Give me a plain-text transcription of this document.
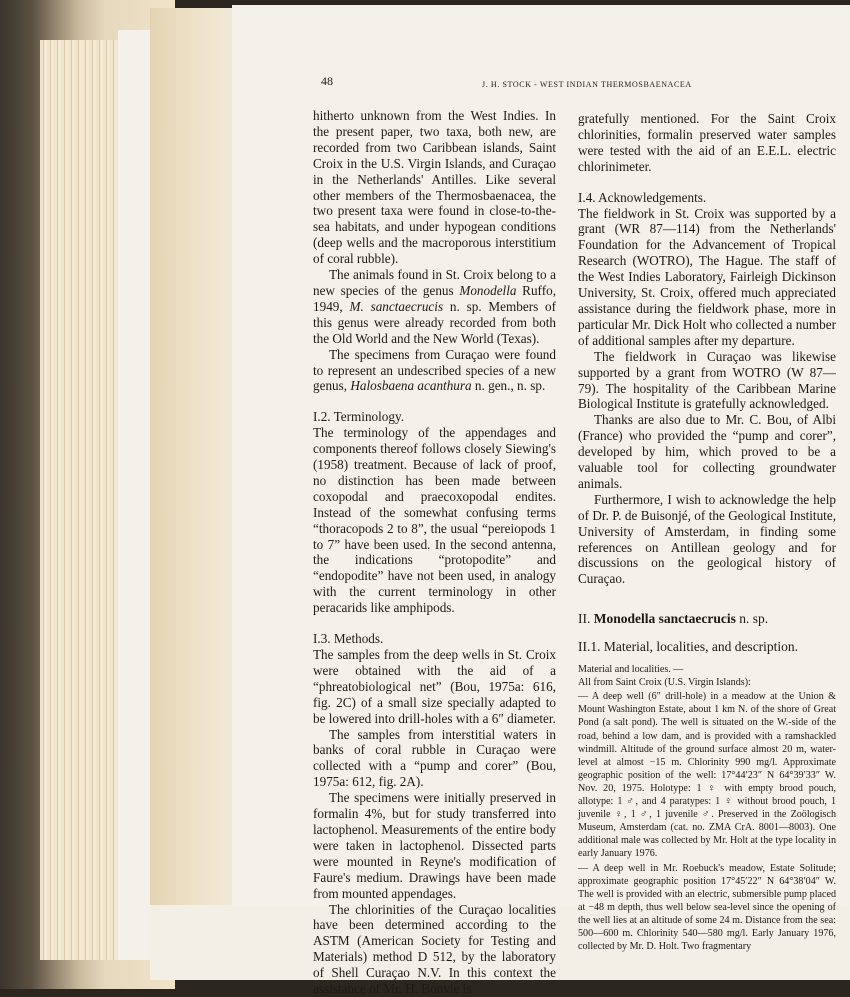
48	J. H. STOCK - WEST INDIAN THERMOSBAENACEA

hitherto unknown from the West Indies. In the present paper, two taxa, both new, are recorded from two Caribbean islands, Saint Croix in the U.S. Virgin Islands, and Curaçao in the Netherlands' Antilles. Like several other members of the Thermosbaenacea, the two present taxa were found in close-to-the-sea habitats, and under hypogean conditions (deep wells and the macroporous interstitium of coral rubble).

The animals found in St. Croix belong to a new species of the genus Monodella Ruffo, 1949, M. sanctaecrucis n. sp. Members of this genus were already recorded from both the Old World and the New World (Texas).

The specimens from Curaçao were found to represent an undescribed species of a new genus, Halosbaena acanthura n. gen., n. sp.

I.2. Terminology.

The terminology of the appendages and components thereof follows closely Siewing's (1958) treatment. Because of lack of proof, no distinction has been made between coxopodal and praecoxopodal endites. Instead of the somewhat confusing terms “thoracopods 2 to 8”, the usual “pereiopods 1 to 7” have been used. In the second antenna, the indications “protopodite” and “endopodite” have not been used, in analogy with the current terminology in other peracarids like amphipods.

I.3. Methods.

The samples from the deep wells in St. Croix were obtained with the aid of a “phreatobiological net” (Bou, 1975a: 616, fig. 2C) of a small size specially adapted to be lowered into drill-holes with a 6″ diameter.

The samples from interstitial waters in banks of coral rubble in Curaçao were collected with a “pump and corer” (Bou, 1975a: 612, fig. 2A).

The specimens were initially preserved in formalin 4%, but for study transferred into lactophenol. Measurements of the entire body were taken in lactophenol. Dissected parts were mounted in Reyne's modification of Faure's medium. Drawings have been made from mounted appendages.

The chlorinities of the Curaçao localities have been determined according to the ASTM (American Society for Testing and Materials) method D 512, by the laboratory of Shell Curaçao N.V. In this context the assistance of Mr. H. Bonvie is

gratefully mentioned. For the Saint Croix chlorinities, formalin preserved water samples were tested with the aid of an E.E.L. electric chlorinimeter.

I.4. Acknowledgements.

The fieldwork in St. Croix was supported by a grant (WR 87—114) from the Netherlands' Foundation for the Advancement of Tropical Research (WOTRO), The Hague. The staff of the West Indies Laboratory, Fairleigh Dickinson University, St. Croix, offered much appreciated assistance during the fieldwork phase, more in particular Mr. Dick Holt who collected a number of additional samples after my departure.

The fieldwork in Curaçao was likewise supported by a grant from WOTRO (W 87—79). The hospitality of the Caribbean Marine Biological Institute is gratefully acknowledged.

Thanks are also due to Mr. C. Bou, of Albi (France) who provided the “pump and corer”, developed by him, which proved to be a valuable tool for collecting groundwater animals.

Furthermore, I wish to acknowledge the help of Dr. P. de Buisonjé, of the Geological Institute, University of Amsterdam, in finding some references on Antillean geology and for discussions on the geological history of Curaçao.

II. Monodella sanctaecrucis n. sp.

II.1. Material, localities, and description.

Material and localities. —

All from Saint Croix (U.S. Virgin Islands):

— A deep well (6″ drill-hole) in a meadow at the Union & Mount Washington Estate, about 1 km N. of the shore of Great Pond (a salt pond). The well is situated on the W.-side of the road, behind a low dam, and is provided with a ramshackled windmill. Altitude of the ground surface almost 20 m, water-level at almost −15 m. Chlorinity 990 mg/l. Approximate geographic position of the well: 17°44′23″ N 64°39′33″ W. Nov. 20, 1975. Holotype: 1 ♀ with empty brood pouch, allotype: 1 ♂, and 4 paratypes: 1 ♀ without brood pouch, 1 juvenile ♀, 1 ♂, 1 juvenile ♂. Preserved in the Zoölogisch Museum, Amsterdam (cat. no. ZMA CrA. 8001—8003). One additional male was collected by Mr. Holt at the type locality in early January 1976.

— A deep well in Mr. Roebuck's meadow, Estate Solitude; approximate geographic position 17°45′22″ N 64°38′04″ W. The well is provided with an electric, submersible pump placed at −48 m depth, thus well below sea-level since the opening of the well lies at an altitude of some 24 m. Distance from the sea: 500—600 m. Chlorinity 540—580 mg/l. Early January 1976, collected by Mr. D. Holt. Two fragmentary
